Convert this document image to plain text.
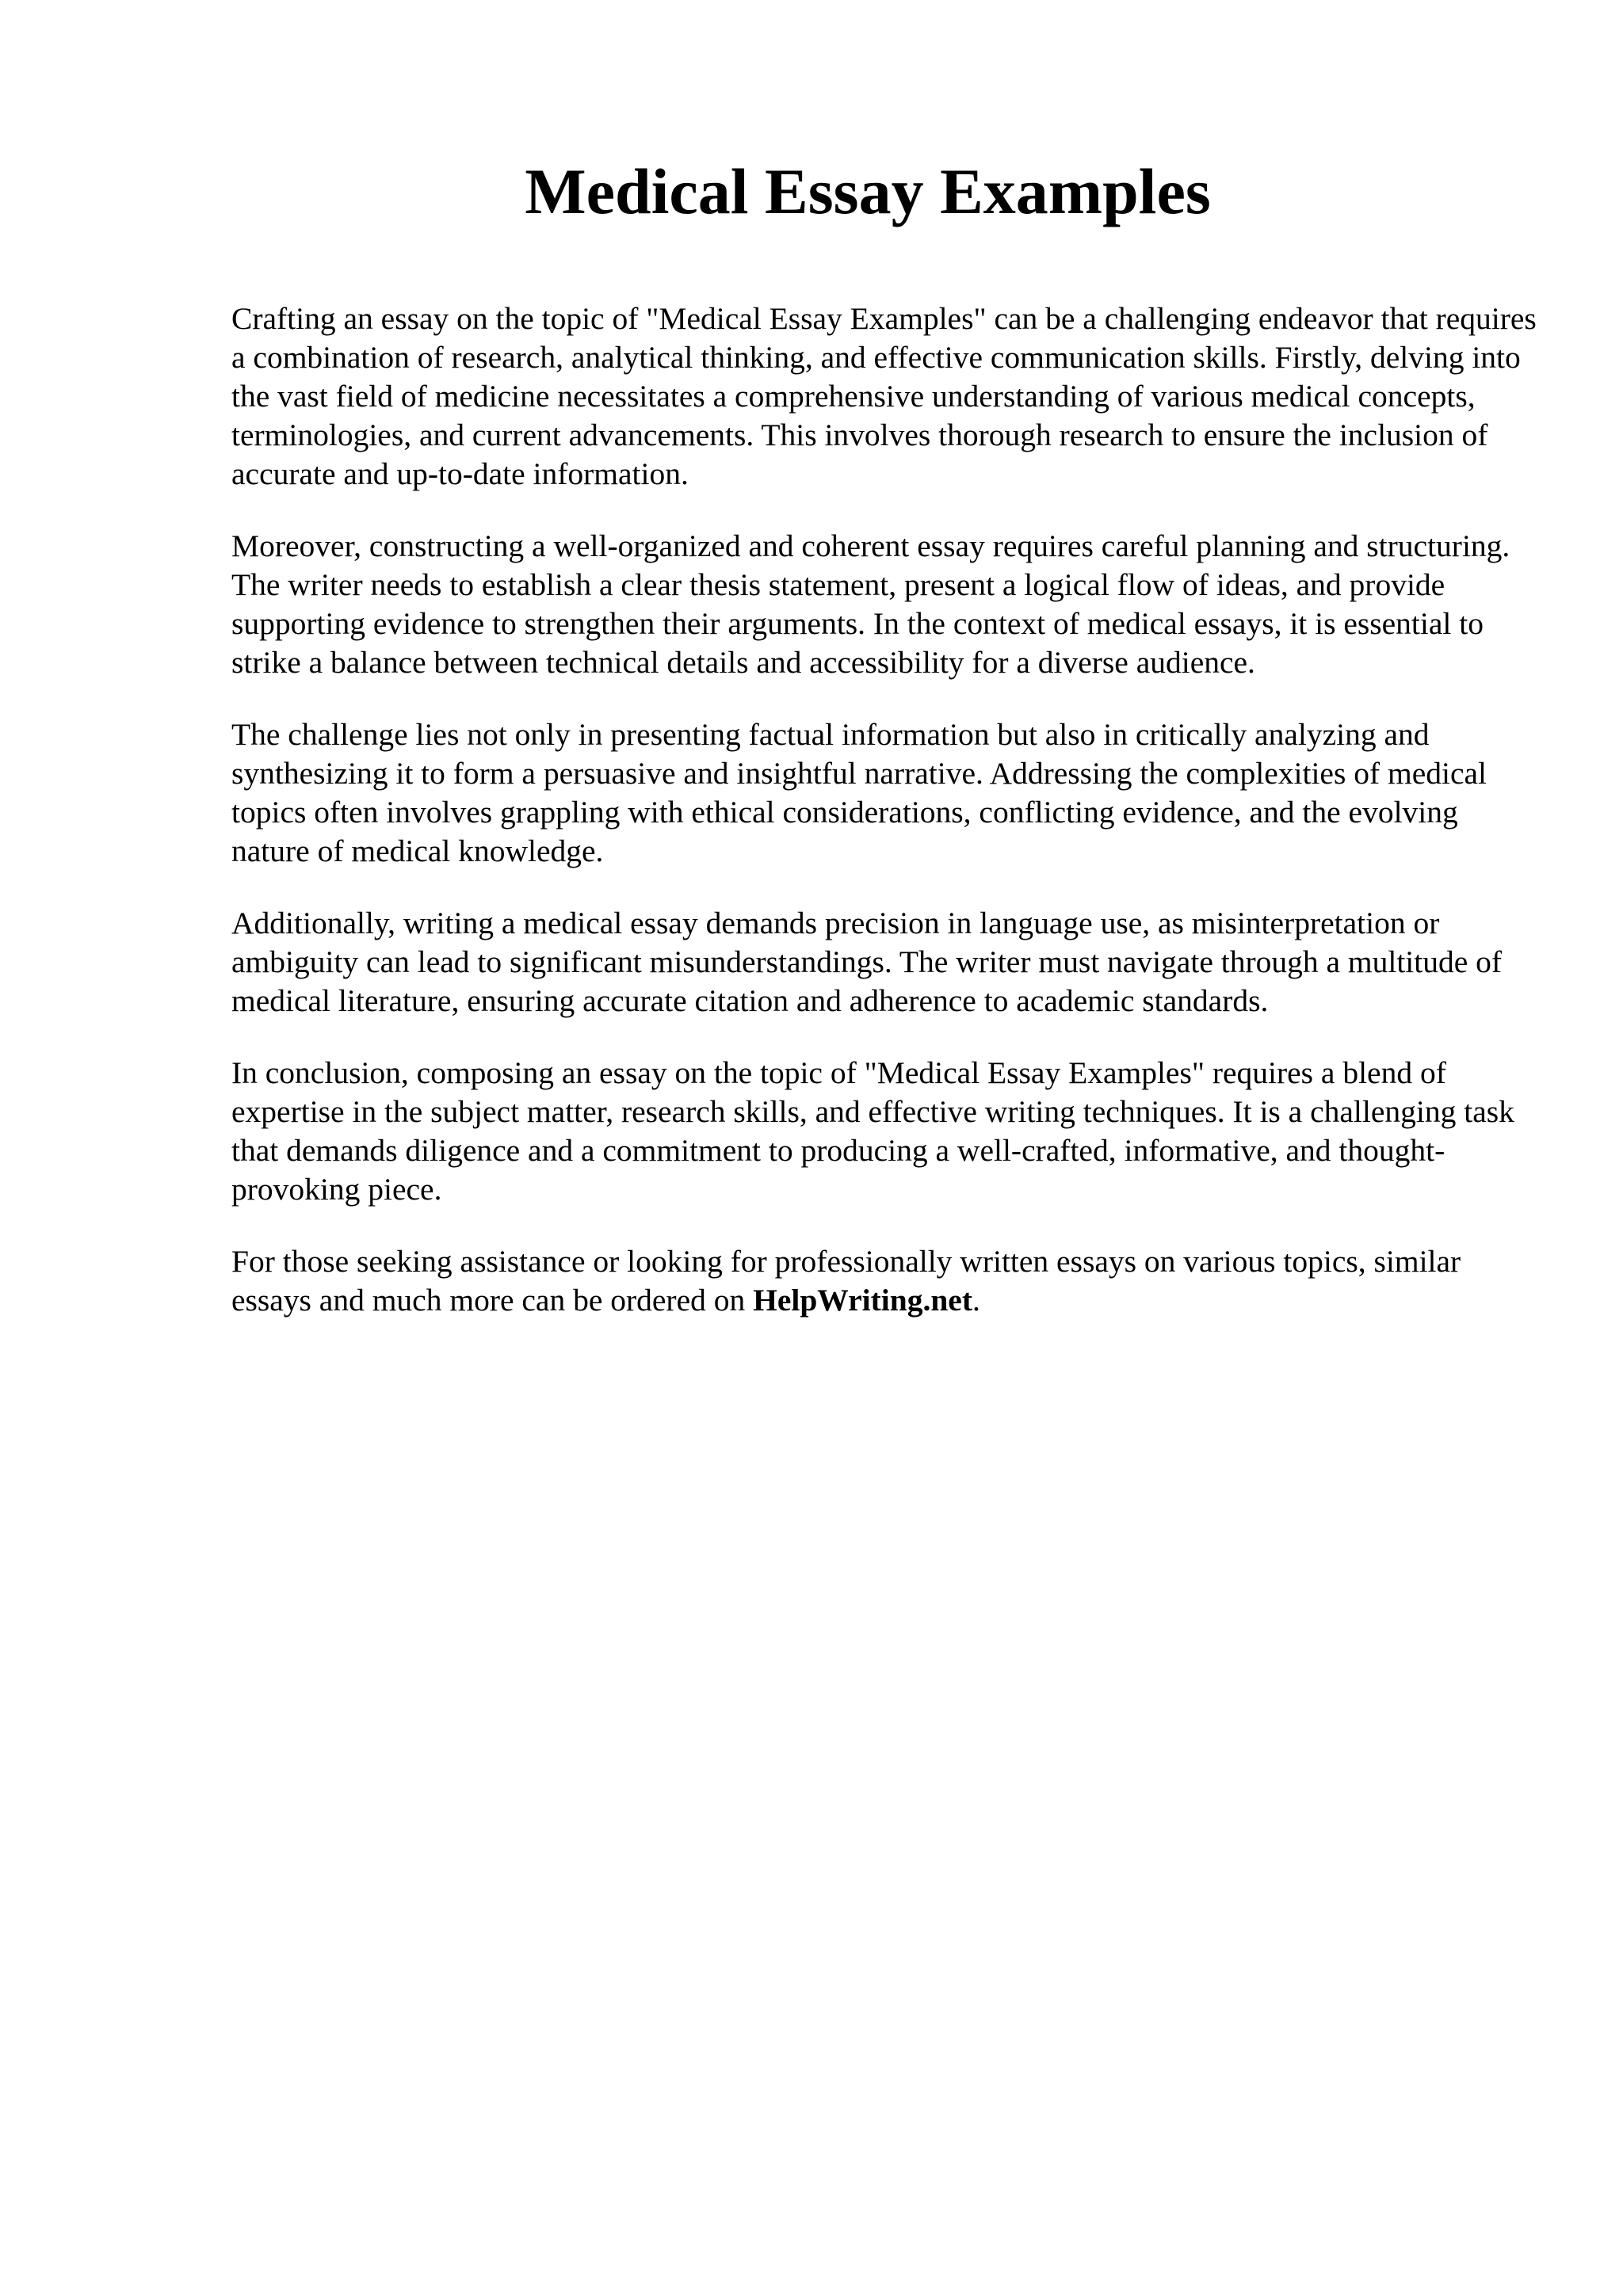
Medical Essay Examples

Crafting an essay on the topic of "Medical Essay Examples" can be a challenging endeavor that requires a combination of research, analytical thinking, and effective communication skills. Firstly, delving into the vast field of medicine necessitates a comprehensive understanding of various medical concepts, terminologies, and current advancements. This involves thorough research to ensure the inclusion of accurate and up-to-date information.

Moreover, constructing a well-organized and coherent essay requires careful planning and structuring. The writer needs to establish a clear thesis statement, present a logical flow of ideas, and provide supporting evidence to strengthen their arguments. In the context of medical essays, it is essential to strike a balance between technical details and accessibility for a diverse audience.

The challenge lies not only in presenting factual information but also in critically analyzing and synthesizing it to form a persuasive and insightful narrative. Addressing the complexities of medical topics often involves grappling with ethical considerations, conflicting evidence, and the evolving nature of medical knowledge.

Additionally, writing a medical essay demands precision in language use, as misinterpretation or ambiguity can lead to significant misunderstandings. The writer must navigate through a multitude of medical literature, ensuring accurate citation and adherence to academic standards.

In conclusion, composing an essay on the topic of "Medical Essay Examples" requires a blend of expertise in the subject matter, research skills, and effective writing techniques. It is a challenging task that demands diligence and a commitment to producing a well-crafted, informative, and thought-provoking piece.

For those seeking assistance or looking for professionally written essays on various topics, similar essays and much more can be ordered on HelpWriting.net.
